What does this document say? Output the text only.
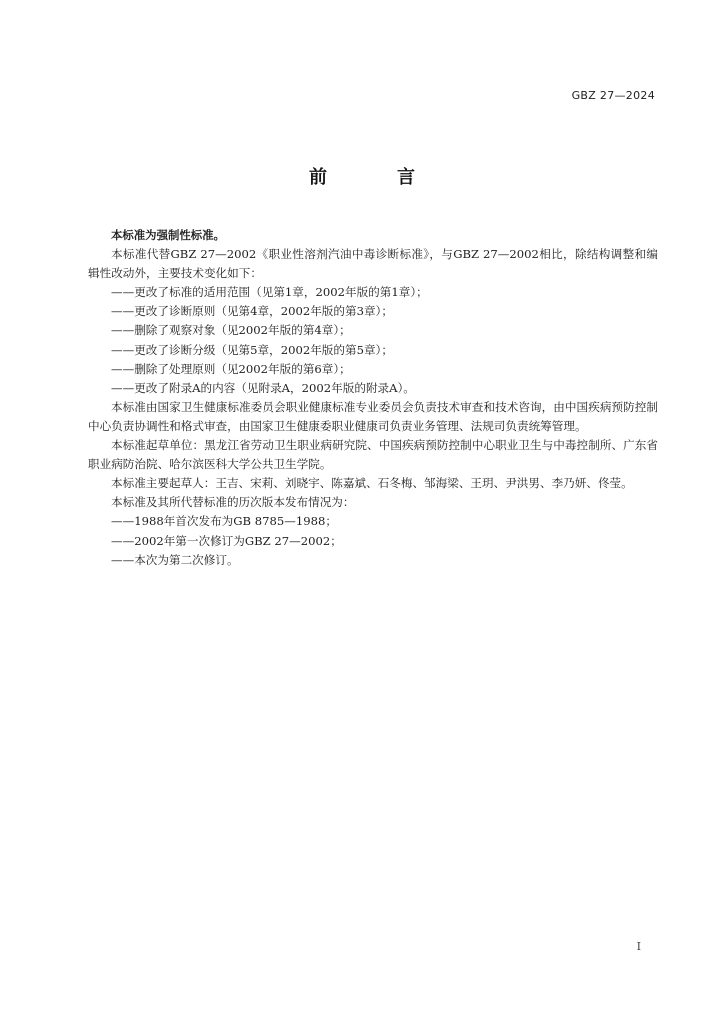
GBZ 27—2024
前　言

本标准为强制性标准。

本标准代替GBZ 27—2002《职业性溶剂汽油中毒诊断标准》，与GBZ 27—2002相比，除结构调整和编辑性改动外，主要技术变化如下：

——更改了标准的适用范围（见第1章，2002年版的第1章）；

——更改了诊断原则（见第4章，2002年版的第3章）；

——删除了观察对象（见2002年版的第4章）；

——更改了诊断分级（见第5章，2002年版的第5章）；

——删除了处理原则（见2002年版的第6章）；

——更改了附录A的内容（见附录A，2002年版的附录A）。

本标准由国家卫生健康标准委员会职业健康标准专业委员会负责技术审查和技术咨询，由中国疾病预防控制中心负责协调性和格式审查，由国家卫生健康委职业健康司负责业务管理、法规司负责统筹管理。

本标准起草单位：黑龙江省劳动卫生职业病研究院、中国疾病预防控制中心职业卫生与中毒控制所、广东省职业病防治院、哈尔滨医科大学公共卫生学院。

本标准主要起草人：王吉、宋莉、刘晓宇、陈嘉斌、石冬梅、邹海梁、王玥、尹洪男、李乃妍、佟莹。

本标准及其所代替标准的历次版本发布情况为：

——1988年首次发布为GB 8785—1988；

——2002年第一次修订为GBZ 27—2002；

——本次为第二次修订。

I
